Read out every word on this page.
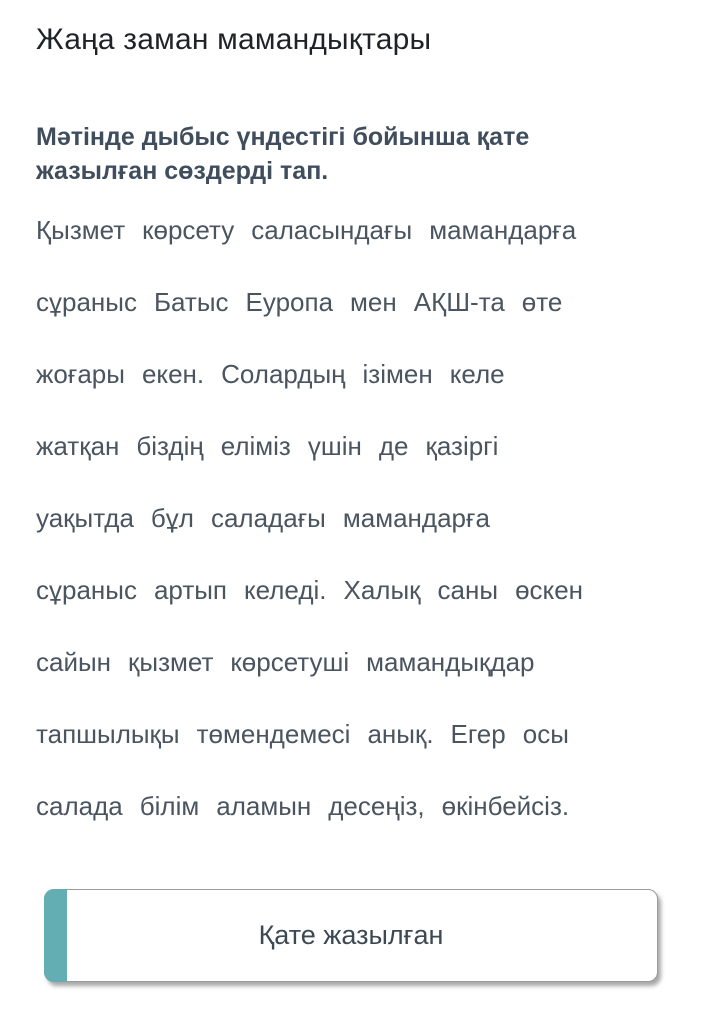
Жаңа заман мамандықтары

Мәтінде дыбыс үндестігі бойынша қате жазылған сөздерді тап.

Қызмет көрсету саласындағы мамандарға
сұраныс Батыс Еуропа мен АҚШ-та өте
жоғары екен. Солардың ізімен келе
жатқан біздің еліміз үшін де қазіргі
уақытда бұл саладағы мамандарға
сұраныс артып келеді. Халық саны өскен
сайын қызмет көрсетуші мамандықдар
тапшылықы төмендемесі анық. Егер осы
салада білім аламын десеңіз, өкінбейсіз.
Қате жазылған
